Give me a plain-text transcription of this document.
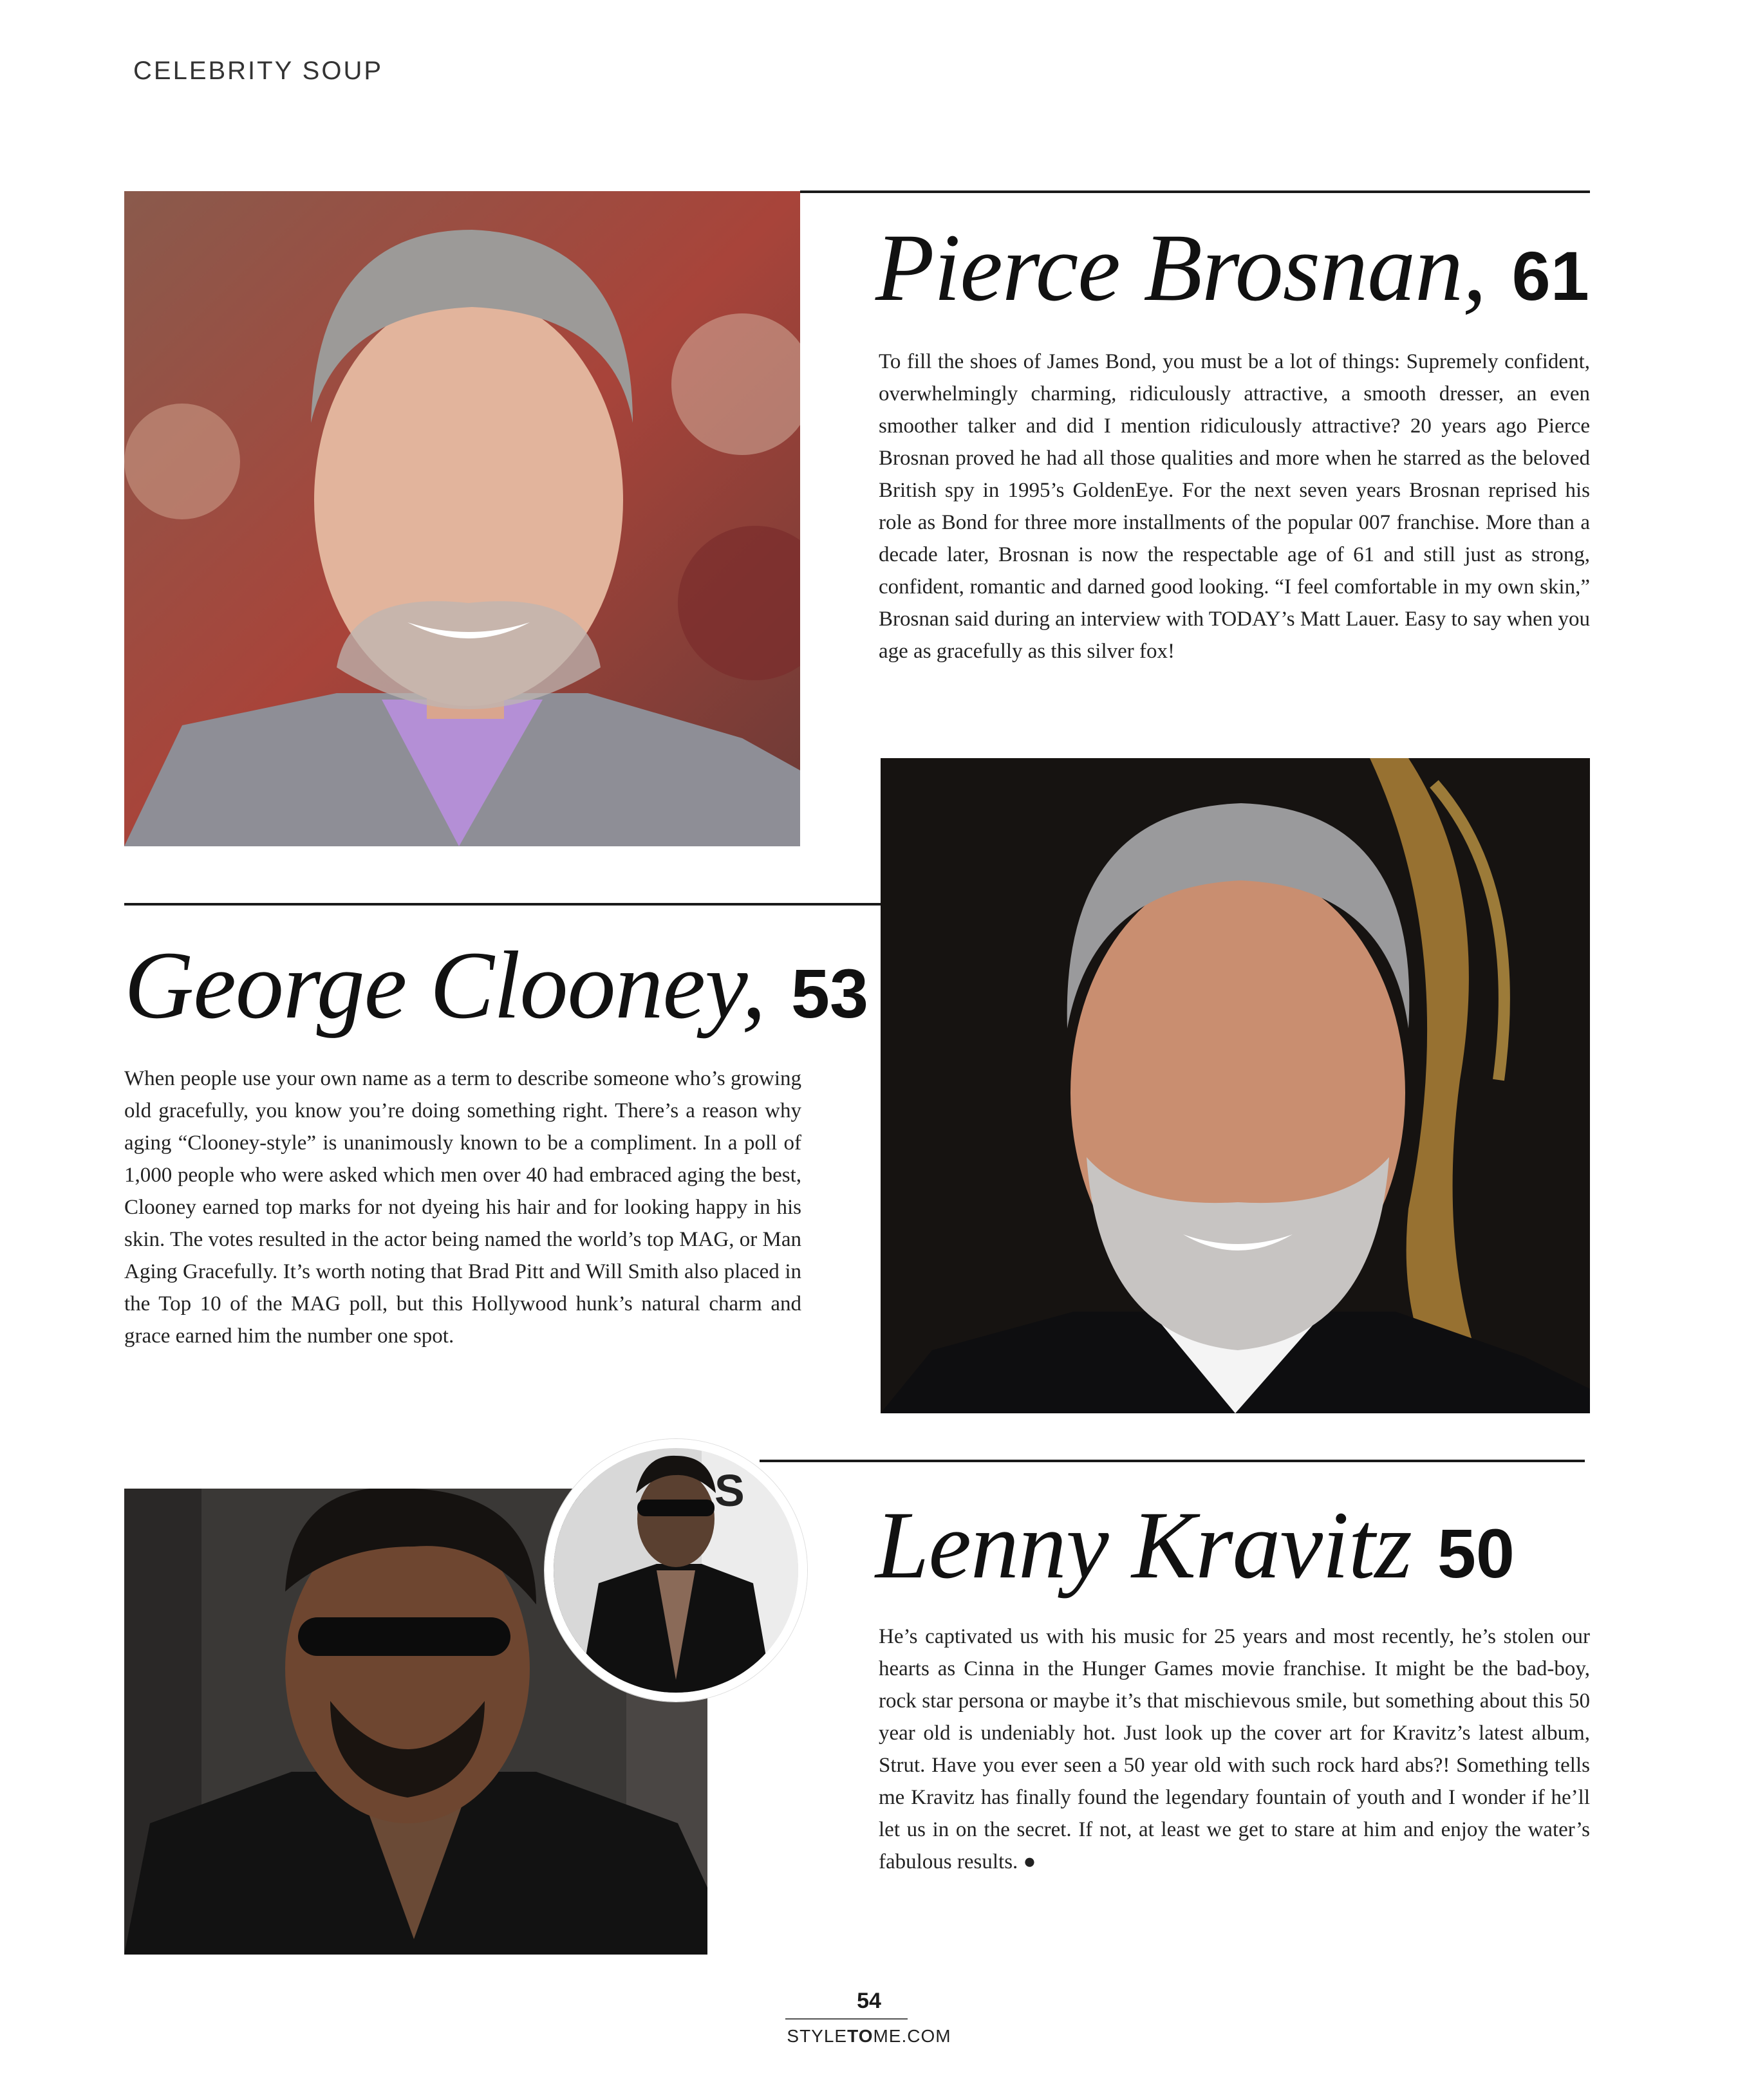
CELEBRITY SOUP
Pierce Brosnan, 61
To fill the shoes of James Bond, you must be a lot of things: Supremely confident, overwhelmingly charming, ridiculously attractive, a smooth dresser, an even smoother talker and did I mention ridiculously attractive? 20 years ago Pierce Brosnan proved he had all those qualities and more when he starred as the beloved British spy in 1995’s GoldenEye. For the next seven years Brosnan reprised his role as Bond for three more installments of the popular 007 franchise. More than a decade later, Brosnan is now the respectable age of 61 and still just as strong, confident, romantic and darned good looking. “I feel comfortable in my own skin,” Brosnan said during an interview with TODAY’s Matt Lauer. Easy to say when you age as gracefully as this silver fox!
George Clooney, 53
When people use your own name as a term to describe someone who’s growing old gracefully, you know you’re doing something right. There’s a reason why aging “Clooney-style” is unanimously known to be a compliment. In a poll of 1,000 people who were asked which men over 40 had embraced aging the best, Clooney earned top marks for not dyeing his hair and for looking happy in his skin. The votes resulted in the actor being named the world’s top MAG, or Man Aging Gracefully. It’s worth noting that Brad Pitt and Will Smith also placed in the Top 10 of the MAG poll, but this Hollywood hunk’s natural charm and grace earned him the number one spot.
S
Lenny Kravitz 50
He’s captivated us with his music for 25 years and most recently, he’s stolen our hearts as Cinna in the Hunger Games movie franchise. It might be the bad-boy, rock star persona or maybe it’s that mischievous smile, but something about this 50 year old is undeniably hot. Just look up the cover art for Kravitz’s latest album, Strut. Have you ever seen a 50 year old with such rock hard abs?! Something tells me Kravitz has finally found the legendary fountain of youth and I wonder if he’ll let us in on the secret. If not, at least we get to stare at him and enjoy the water’s fabulous results. ●
54
STYLETOME.COM
